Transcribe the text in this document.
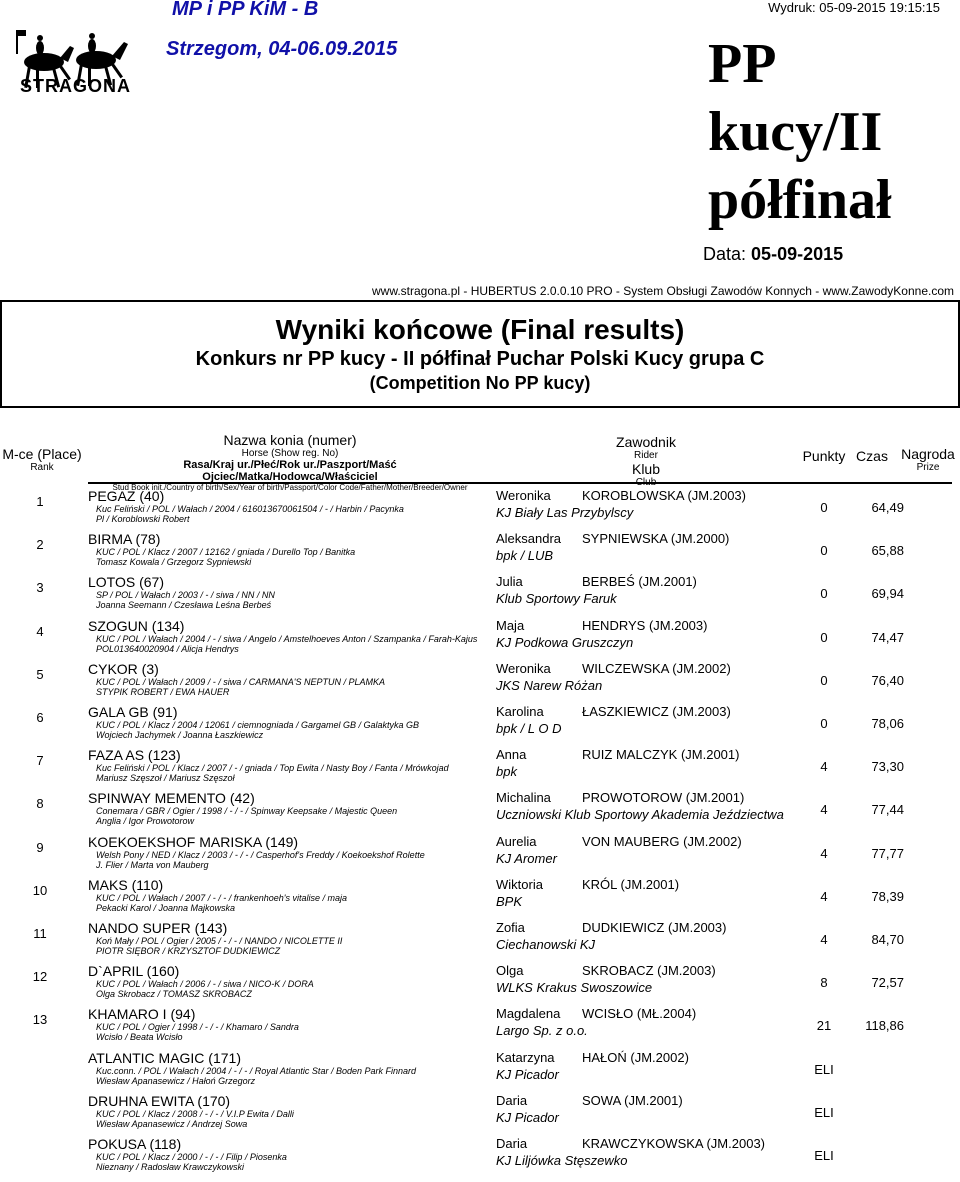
STRAGONA
MP i PP KiM - B
Strzegom, 04-06.09.2015
Wydruk: 05-09-2015 19:15:15
PP
kucy/II
półfinał
Data: 05-09-2015
www.stragona.pl - HUBERTUS 2.0.0.10 PRO - System Obsługi Zawodów Konnych - www.ZawodyKonne.com
Wyniki końcowe (Final results)
Konkurs nr PP kucy - II półfinał Puchar Polski Kucy grupa C
(Competition No PP kucy)
M-ce (Place)
Rank
Nazwa konia (numer)
Horse (Show reg. No)
Rasa/Kraj ur./Płeć/Rok ur./Paszport/Maść
Ojciec/Matka/Hodowca/Właściciel
Stud Book init./Country of birth/Sex/Year of birth/Passport/Color Code/Father/Mother/Breeder/Owner
Zawodnik
Rider
Klub
Club
Punkty Czas Nagroda
Prize
1	PEGAZ (40)
Kuc Feliński / POL / Wałach / 2004 / 616013670061504 / - / Harbin / Pacynka
Pl / Koroblowski Robert
Weronika KOROBLOWSKA (JM.2003)
KJ Biały Las Przybylscy	0	64,49
2	BIRMA (78)
KUC / POL / Klacz / 2007 / 12162 / gniada / Durello Top / Banitka
Tomasz Kowala / Grzegorz Sypniewski
Aleksandra SYPNIEWSKA (JM.2000)
bpk / LUB	0	65,88
3	LOTOS (67)
SP / POL / Wałach / 2003 / - / siwa / NN / NN
Joanna Seemann / Czesława Leśna Berbeś
Julia	BERBEŚ (JM.2001)
Klub Sportowy Faruk	0	69,94
4	SZOGUN (134)
KUC / POL / Wałach / 2004 / - / siwa / Angelo / Amstelhoeves Anton / Szampanka / Farah-Kajus
POL013640020904 / Alicja Hendrys
Maja	HENDRYS (JM.2003)
KJ Podkowa Gruszczyn	0	74,47
5	CYKOR (3)
KUC / POL / Wałach / 2009 / - / siwa / CARMANA'S NEPTUN / PLAMKA
STYPIK ROBERT / EWA HAUER
Weronika WILCZEWSKA (JM.2002)
JKS Narew Różan	0	76,40
6	GALA GB (91)
KUC / POL / Klacz / 2004 / 12061 / ciemnogniada / Gargamel GB / Galaktyka GB
Wojciech Jachymek / Joanna Łaszkiewicz
Karolina	ŁASZKIEWICZ (JM.2003)
bpk / L O D	0	78,06
7	FAZA AS (123)
Kuc Feliński / POL / Klacz / 2007 / - / gniada / Top Ewita / Nasty Boy / Fanta / Mrówkojad
Mariusz Szęszoł / Mariusz Szęszoł
Anna	RUIZ MALCZYK (JM.2001)
bpk	4	73,30
8	SPINWAY MEMENTO (42)
Conemara / GBR / Ogier / 1998 / - / - / Spinway Keepsake / Majestic Queen
Anglia / Igor Prowotorow
Michalina PROWOTOROW (JM.2001)
Uczniowski Klub Sportowy Akademia Jeździectwa	4	77,44
9	KOEKOEKSHOF MARISKA (149)
Welsh Pony / NED / Klacz / 2003 / - / - / Casperhof's Freddy / Koekoekshof Rolette
J. Flier / Marta von Mauberg
Aurelia	VON MAUBERG (JM.2002)
KJ Aromer	4	77,77
10	MAKS (110)
KUC / POL / Wałach / 2007 / - / - / frankenhoeh's vitalise / maja
Pekacki Karol / Joanna Majkowska
Wiktoria	KRÓL (JM.2001)
BPK	4	78,39
11	NANDO SUPER (143)
Koń Mały / POL / Ogier / 2005 / - / - / NANDO / NICOLETTE II
PIOTR SIĘBOR / KRZYSZTOF DUDKIEWICZ
Zofia	DUDKIEWICZ (JM.2003)
Ciechanowski KJ	4	84,70
12	D`APRIL (160)
KUC / POL / Wałach / 2006 / - / siwa / NICO-K / DORA
Olga Skrobacz / TOMASZ SKROBACZ
Olga	SKROBACZ (JM.2003)
WLKS Krakus Swoszowice	8	72,57
13	KHAMARO I (94)
KUC / POL / Ogier / 1998 / - / - / Khamaro / Sandra
Wcisło / Beata Wcisło
Magdalena WCISŁO (MŁ.2004)
Largo Sp. z o.o.	21	118,86
ATLANTIC MAGIC (171)
Kuc.conn. / POL / Wałach / 2004 / - / - / Royal Atlantic Star / Boden Park Finnard
Wiesław Apanasewicz / Hałoń Grzegorz
Katarzyna HAŁOŃ (JM.2002)
KJ Picador	ELI
DRUHNA EWITA (170)
KUC / POL / Klacz / 2008 / - / - / V.I.P Ewita / Dalli
Wiesław Apanasewicz / Andrzej Sowa
Daria	SOWA (JM.2001)
KJ Picador	ELI
POKUSA (118)
KUC / POL / Klacz / 2000 / - / - / Filip / Piosenka
Nieznany / Radosław Krawczykowski
Daria	KRAWCZYKOWSKA (JM.2003)
KJ Liljówka Stęszewko	ELI
